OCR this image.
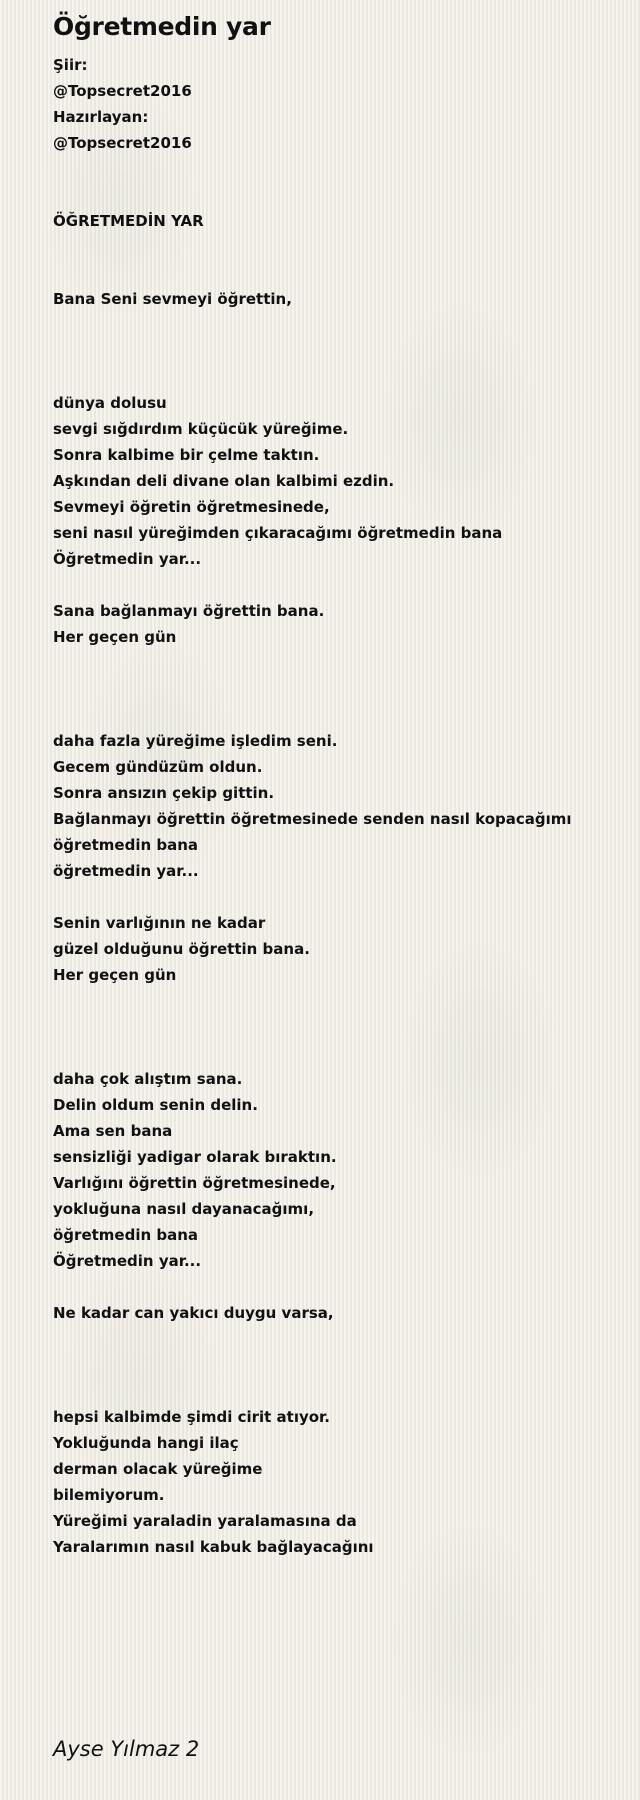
Öğretmedin yar
Şiir:
@Topsecret2016
Hazırlayan:
@Topsecret2016
ÖĞRETMEDİN YAR
Bana Seni sevmeyi öğrettin,
dünya dolusu
sevgi sığdırdım küçücük yüreğime.
Sonra kalbime bir çelme taktın.
Aşkından deli divane olan kalbimi ezdin.
Sevmeyi öğretin öğretmesinede,
seni nasıl yüreğimden çıkaracağımı öğretmedin bana
Öğretmedin yar...
Sana bağlanmayı öğrettin bana.
Her geçen gün
daha fazla yüreğime işledim seni.
Gecem gündüzüm oldun.
Sonra ansızın çekip gittin.
Bağlanmayı öğrettin öğretmesinede senden nasıl kopacağımı
öğretmedin bana
öğretmedin yar...
Senin varlığının ne kadar
güzel olduğunu öğrettin bana.
Her geçen gün
daha çok alıştım sana.
Delin oldum senin delin.
Ama sen bana
sensizliği yadigar olarak bıraktın.
Varlığını öğrettin öğretmesinede,
yokluğuna nasıl dayanacağımı,
öğretmedin bana
Öğretmedin yar...
Ne kadar can yakıcı duygu varsa,
hepsi kalbimde şimdi cirit atıyor.
Yokluğunda hangi ilaç
derman olacak yüreğime
bilemiyorum.
Yüreğimi yaraladin yaralamasına da
Yaralarımın nasıl kabuk bağlayacağını
Ayse Yılmaz 2
